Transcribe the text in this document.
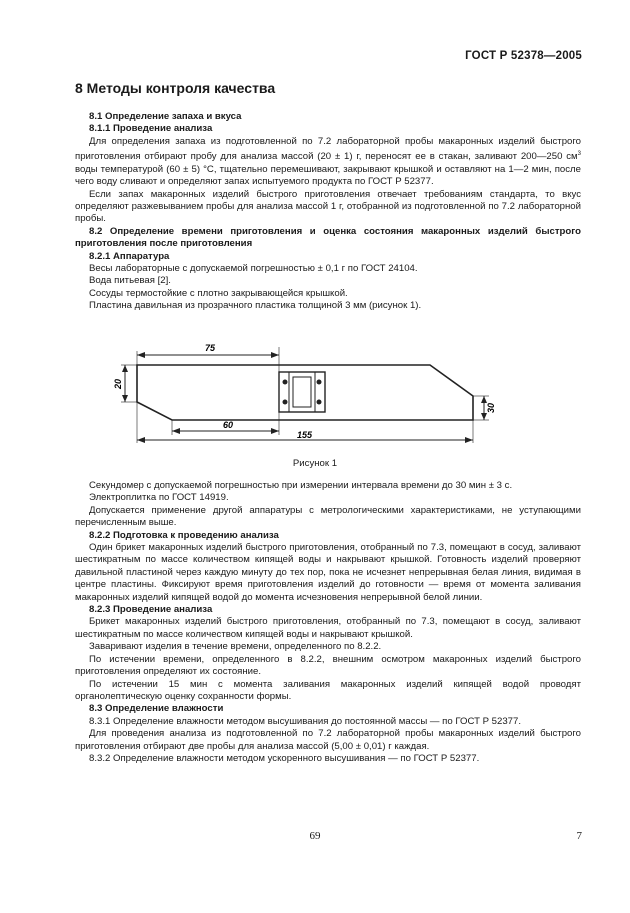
ГОСТ Р 52378—2005
8 Методы контроля качества

8.1 Определение запаха и вкуса

8.1.1 Проведение анализа

Для определения запаха из подготовленной по 7.2 лабораторной пробы макаронных изделий быстрого приготовления отбирают пробу для анализа массой (20 ± 1) г, переносят ее в стакан, заливают 200—250 $см^3$ воды температурой (60 ± 5) °С, тщательно перемешивают, закрывают крышкой и оставляют на 1—2 мин, после чего воду сливают и определяют запах испытуемого продукта по ГОСТ Р 52377.

Если запах макаронных изделий быстрого приготовления отвечает требованиям стандарта, то вкус определяют разжевыванием пробы для анализа массой 1 г, отобранной из подготовленной по 7.2 лабораторной пробы.

8.2 Определение времени приготовления и оценка состояния макаронных изделий быстрого приготовления после приготовления

8.2.1 Аппаратура

Весы лабораторные с допускаемой погрешностью ± 0,1 г по ГОСТ 24104.

Вода питьевая [2].

Сосуды термостойкие с плотно закрывающейся крышкой.

Пластина давильная из прозрачного пластика толщиной 3 мм (рисунок 1).

75
60
155
20
30
Рисунок 1

Секундомер с допускаемой погрешностью при измерении интервала времени до 30 мин ± 3 с.

Электроплитка по ГОСТ 14919.

Допускается применение другой аппаратуры с метрологическими характеристиками, не уступающими перечисленным выше.

8.2.2 Подготовка к проведению анализа

Один брикет макаронных изделий быстрого приготовления, отобранный по 7.3, помещают в сосуд, заливают шестикратным по массе количеством кипящей воды и накрывают крышкой. Готовность изделий проверяют давильной пластиной через каждую минуту до тех пор, пока не исчезнет непрерывная белая линия, видимая в центре пластины. Фиксируют время приготовления изделий до готовности — время от момента заливания макаронных изделий кипящей водой до момента исчезновения непрерывной белой линии.

8.2.3 Проведение анализа

Брикет макаронных изделий быстрого приготовления, отобранный по 7.3, помещают в сосуд, заливают шестикратным по массе количеством кипящей воды и накрывают крышкой.

Заваривают изделия в течение времени, определенного по 8.2.2.

По истечении времени, определенного в 8.2.2, внешним осмотром макаронных изделий быстрого приготовления определяют их состояние.

По истечении 15 мин с момента заливания макаронных изделий кипящей водой проводят органолептическую оценку сохранности формы.

8.3 Определение влажности

8.3.1 Определение влажности методом высушивания до постоянной массы — по ГОСТ Р 52377.

Для проведения анализа из подготовленной по 7.2 лабораторной пробы макаронных изделий быстрого приготовления отбирают две пробы для анализа массой (5,00 ± 0,01) г каждая.

8.3.2 Определение влажности методом ускоренного высушивания — по ГОСТ Р 52377.

69	7
